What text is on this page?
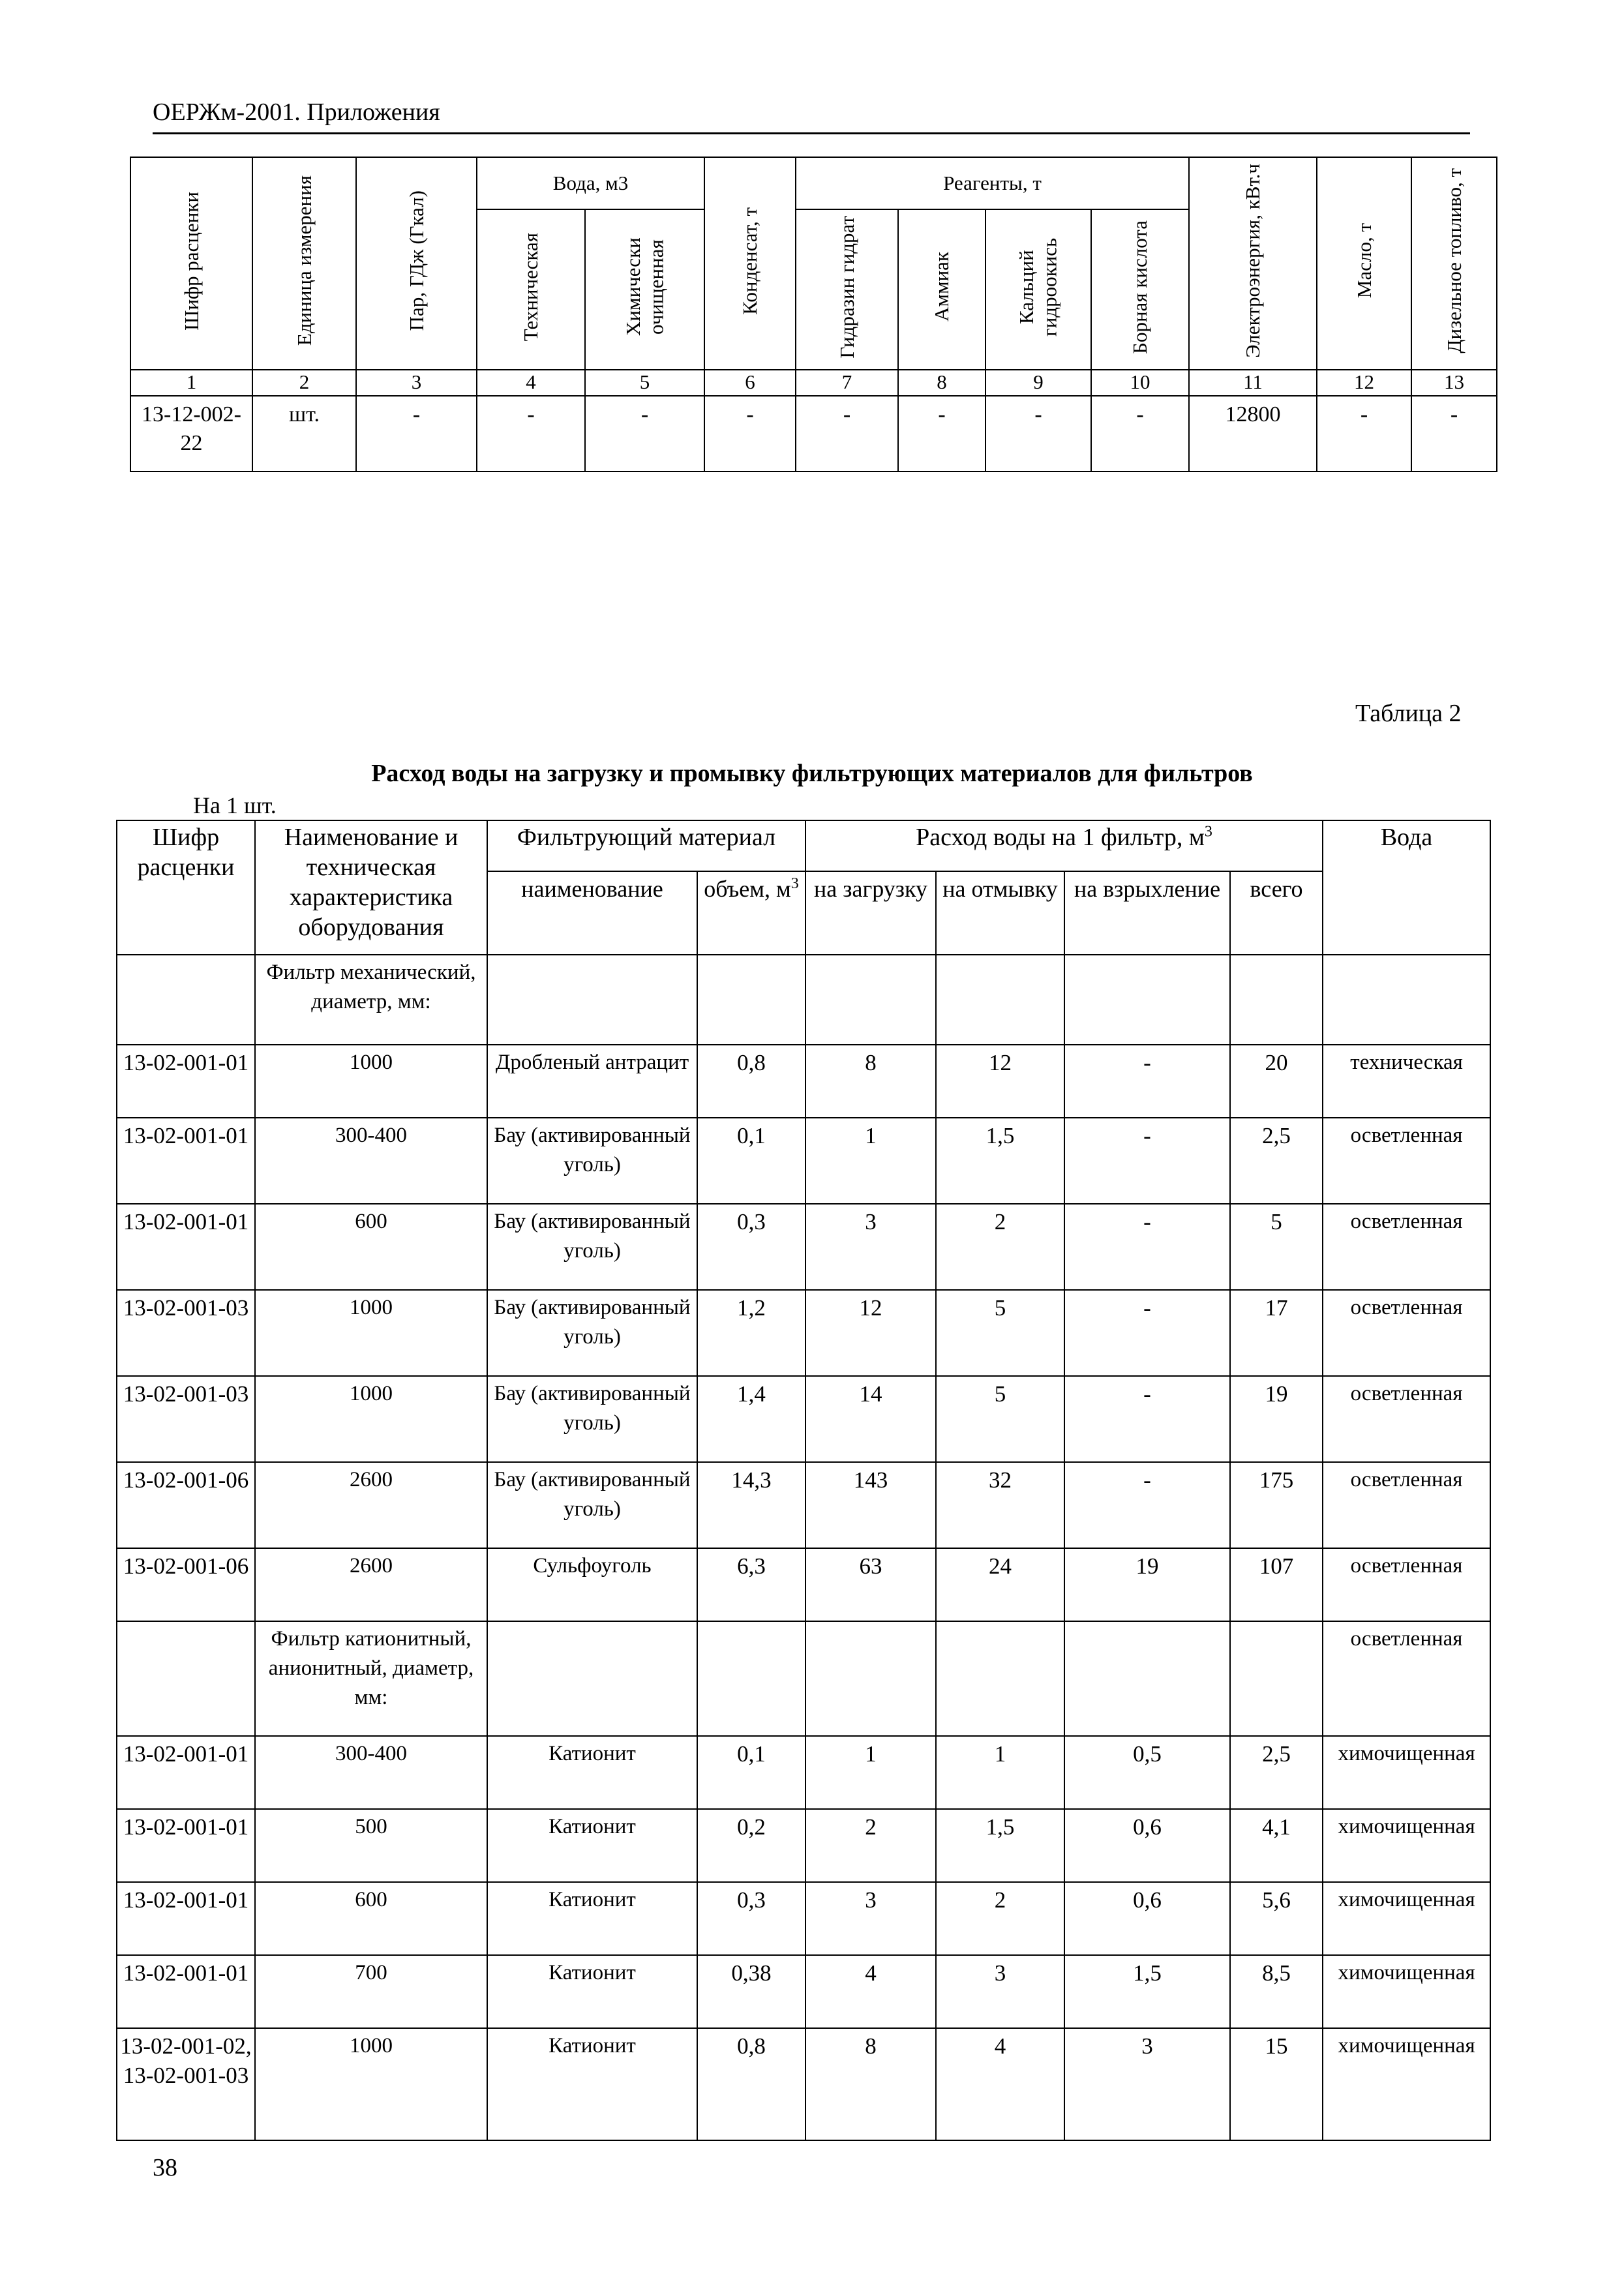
ОЕРЖм-2001. Приложения
Шифр расценки	Единица измерения	Пар, ГДж (Гкал)	Вода, м3		Конденсат, т	Реагенты, т				Электроэнергия, кВт.ч	Масло, т	Дизельное топливо, т
			Техническая	Химически очищенная		Гидразин гидрат	Аммиак	Кальций гидроокись	Борная кислота			
1	2	3	4	5	6	7	8	9	10	11	12	13
13-12-002-22	шт.	-	-	-	-	-	-	-	-	12800	-	-
Таблица 2
Расход воды на загрузку и промывку фильтрующих материалов для фильтров
На 1 шт.
Шифр расценки	Наименование и техническая характеристика оборудования	Фильтрующий материал		Расход воды на 1 фильтр, $м^3$				Вода
		наименование	объем, $м^3$	на загрузку	на отмывку	на взрыхление	всего	
	Фильтр механический, диаметр, мм:							
13-02-001-01	1000	Дробленый антрацит	0,8	8	12	-	20	техническая
13-02-001-01	300-400	Бау (активированный уголь)	0,1	1	1,5	-	2,5	осветленная
13-02-001-01	600	Бау (активированный уголь)	0,3	3	2	-	5	осветленная
13-02-001-03	1000	Бау (активированный уголь)	1,2	12	5	-	17	осветленная
13-02-001-03	1000	Бау (активированный уголь)	1,4	14	5	-	19	осветленная
13-02-001-06	2600	Бау (активированный уголь)	14,3	143	32	-	175	осветленная
13-02-001-06	2600	Сульфоуголь	6,3	63	24	19	107	осветленная
	Фильтр катионитный, анионитный, диаметр, мм:							осветленная
13-02-001-01	300-400	Катионит	0,1	1	1	0,5	2,5	химочищенная
13-02-001-01	500	Катионит	0,2	2	1,5	0,6	4,1	химочищенная
13-02-001-01	600	Катионит	0,3	3	2	0,6	5,6	химочищенная
13-02-001-01	700	Катионит	0,38	4	3	1,5	8,5	химочищенная
13-02-001-02, 13-02-001-03	1000	Катионит	0,8	8	4	3	15	химочищенная
38
